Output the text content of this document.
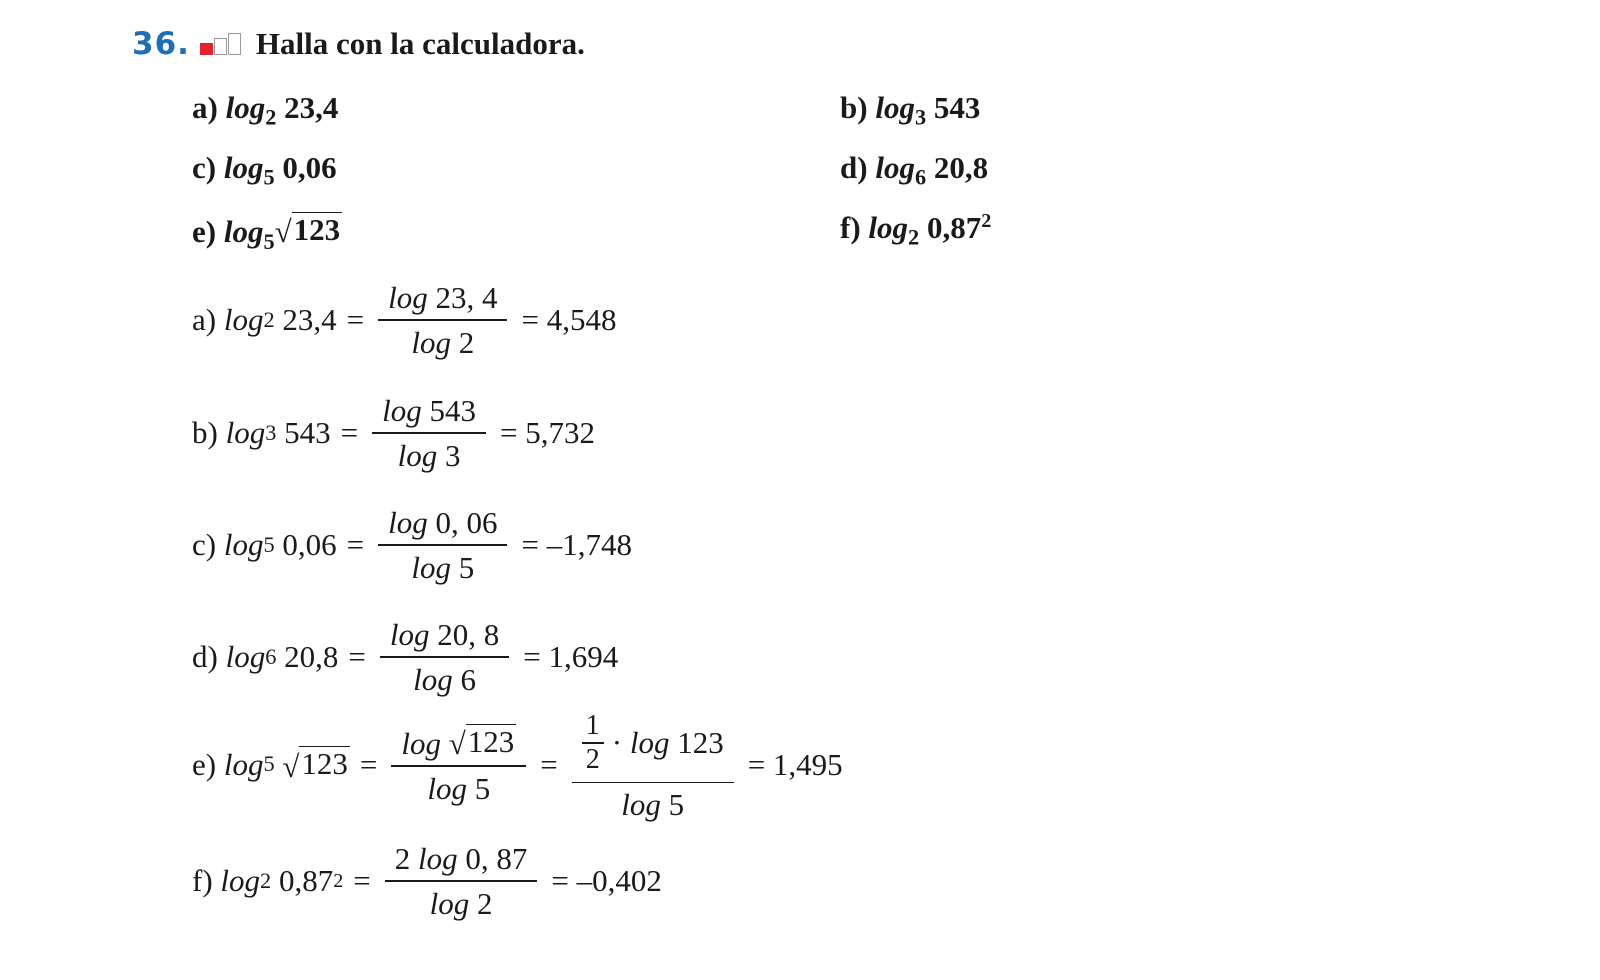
36. Halla con la calculadora.
a) $\log_2 23,4$	b) $\log_3 543$
c) $\log_5 0,06$	d) $\log_6 20,8$
e) $\log_5$ √ 123	f) $\log_2 0,87^2$
a)
log 2
$23,4 = \frac{\log 23, 4}{\log 2} = 4,548$
b)
log 3
$543 = \frac{\log 543}{\log 3} = 5,732$
c)
log 5
$0,06 = \frac{\log 0, 06}{\log 5} = -1,748$
d)
log 6
$20,8 = \frac{\log 20, 8}{\log 6} = 1,694$
e)
log 5
√ $123 = \frac{\log √ 123}{\log 5} = 1$
2 ·
log
123
log 5 = 1,495
f)
log 2
0,87 $2 = \frac{2 \log 0, 87}{\log 2} = -0,402$
